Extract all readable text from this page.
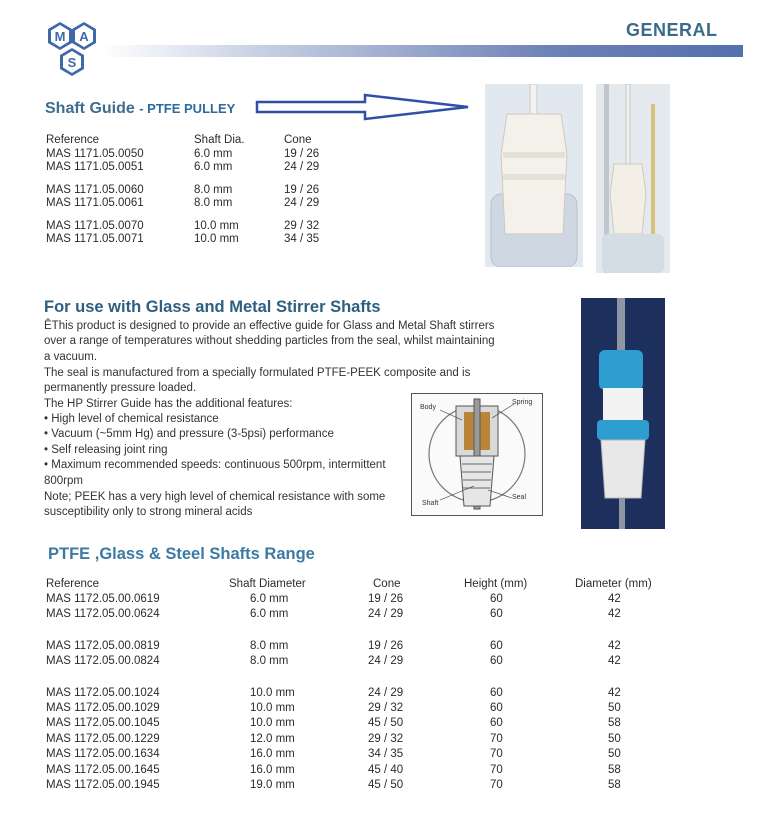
GENERAL
M A
S
Shaft Guide - PTFE PULLEY
Reference	Shaft Dia.	Cone
MAS 1171.05.0050	6.0 mm	19 / 26
MAS 1171.05.0051	6.0 mm	24 / 29
MAS 1171.05.0060	8.0 mm	19 / 26
MAS 1171.05.0061	8.0 mm	24 / 29
MAS 1171.05.0070	10.0 mm	29 / 32
MAS 1171.05.0071	10.0 mm	34 / 35
For use with Glass and Metal Stirrer Shafts
ÊThis product is designed to provide an effective guide for Glass and Metal Shaft stirrers over a range of temperatures without shedding particles from the seal, whilst maintaining a vacuum.
The seal is manufactured from a specially formulated PTFE-PEEK composite and is permanently pressure loaded.
The HP Stirrer Guide has the additional features:
• High level of chemical resistance
• Vacuum (~5mm Hg) and pressure (3-5psi) performance
• Self releasing joint ring
• Maximum recommended speeds: continuous 500rpm, intermittent 800rpm
Note; PEEK has a very high level of chemical resistance with some susceptibility only to strong mineral acids
Body
Spring
Shaft
Seal
PTFE ,Glass & Steel Shafts Range
Reference	Shaft Diameter	Cone	Height (mm)	Diameter (mm)
MAS 1172.05.00.0619	6.0 mm	19 / 26	60	42
MAS 1172.05.00.0624	6.0 mm	24 / 29	60	42
MAS 1172.05.00.0819	8.0 mm	19 / 26	60	42
MAS 1172.05.00.0824	8.0 mm	24 / 29	60	42
MAS 1172.05.00.1024	10.0 mm	24 / 29	60	42
MAS 1172.05.00.1029	10.0 mm	29 / 32	60	50
MAS 1172.05.00.1045	10.0 mm	45 / 50	60	58
MAS 1172.05.00.1229	12.0 mm	29 / 32	70	50
MAS 1172.05.00.1634	16.0 mm	34 / 35	70	50
MAS 1172.05.00.1645	16.0 mm	45 / 40	70	58
MAS 1172.05.00.1945	19.0 mm	45 / 50	70	58
